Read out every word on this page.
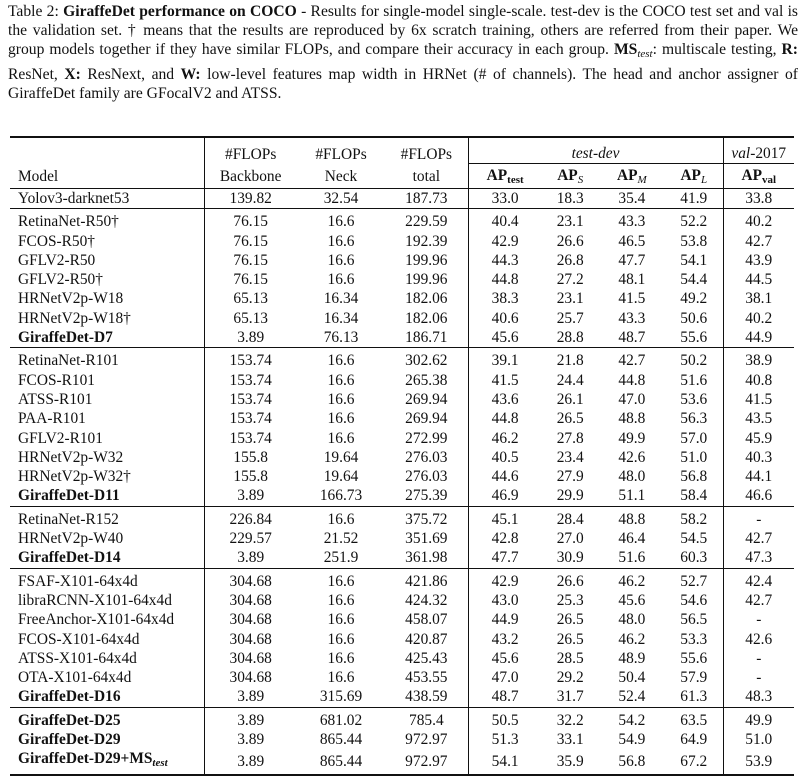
Table 2: GiraffeDet performance on COCO - Results for single-model single-scale. test-dev is the COCO test set and val is the validation set. † means that the results are reproduced by 6x scratch training, others are referred from their paper. We group models together if they have similar FLOPs, and compare their accuracy in each group. $MS_{test}$: multiscale testing, R: ResNet, X: ResNext, and W: low-level features map width in HRNet (# of channels). The head and anchor assigner of GiraffeDet family are GFocalV2 and ATSS.
	#FLOPs	#FLOPs	#FLOPs	test-dev				val-2017
Model	Backbone	Neck	total	$AP_{test}$	$AP_S$	$AP_M$	$AP_L$	$AP_{val}$
Yolov3-darknet53	139.82	32.54	187.73	33.0	18.3	35.4	41.9	33.8
RetinaNet-R50†	76.15	16.6	229.59	40.4	23.1	43.3	52.2	40.2
FCOS-R50†	76.15	16.6	192.39	42.9	26.6	46.5	53.8	42.7
GFLV2-R50	76.15	16.6	199.96	44.3	26.8	47.7	54.1	43.9
GFLV2-R50†	76.15	16.6	199.96	44.8	27.2	48.1	54.4	44.5
HRNetV2p-W18	65.13	16.34	182.06	38.3	23.1	41.5	49.2	38.1
HRNetV2p-W18†	65.13	16.34	182.06	40.6	25.7	43.3	50.6	40.2
GiraffeDet-D7	3.89	76.13	186.71	45.6	28.8	48.7	55.6	44.9
RetinaNet-R101	153.74	16.6	302.62	39.1	21.8	42.7	50.2	38.9
FCOS-R101	153.74	16.6	265.38	41.5	24.4	44.8	51.6	40.8
ATSS-R101	153.74	16.6	269.94	43.6	26.1	47.0	53.6	41.5
PAA-R101	153.74	16.6	269.94	44.8	26.5	48.8	56.3	43.5
GFLV2-R101	153.74	16.6	272.99	46.2	27.8	49.9	57.0	45.9
HRNetV2p-W32	155.8	19.64	276.03	40.5	23.4	42.6	51.0	40.3
HRNetV2p-W32†	155.8	19.64	276.03	44.6	27.9	48.0	56.8	44.1
GiraffeDet-D11	3.89	166.73	275.39	46.9	29.9	51.1	58.4	46.6
RetinaNet-R152	226.84	16.6	375.72	45.1	28.4	48.8	58.2	-
HRNetV2p-W40	229.57	21.52	351.69	42.8	27.0	46.4	54.5	42.7
GiraffeDet-D14	3.89	251.9	361.98	47.7	30.9	51.6	60.3	47.3
FSAF-X101-64x4d	304.68	16.6	421.86	42.9	26.6	46.2	52.7	42.4
libraRCNN-X101-64x4d	304.68	16.6	424.32	43.0	25.3	45.6	54.6	42.7
FreeAnchor-X101-64x4d	304.68	16.6	458.07	44.9	26.5	48.0	56.5	-
FCOS-X101-64x4d	304.68	16.6	420.87	43.2	26.5	46.2	53.3	42.6
ATSS-X101-64x4d	304.68	16.6	425.43	45.6	28.5	48.9	55.6	-
OTA-X101-64x4d	304.68	16.6	453.55	47.0	29.2	50.4	57.9	-
GiraffeDet-D16	3.89	315.69	438.59	48.7	31.7	52.4	61.3	48.3
GiraffeDet-D25	3.89	681.02	785.4	50.5	32.2	54.2	63.5	49.9
GiraffeDet-D29	3.89	865.44	972.97	51.3	33.1	54.9	64.9	51.0
GiraffeDet-$D29+MS_{test}$	3.89	865.44	972.97	54.1	35.9	56.8	67.2	53.9
